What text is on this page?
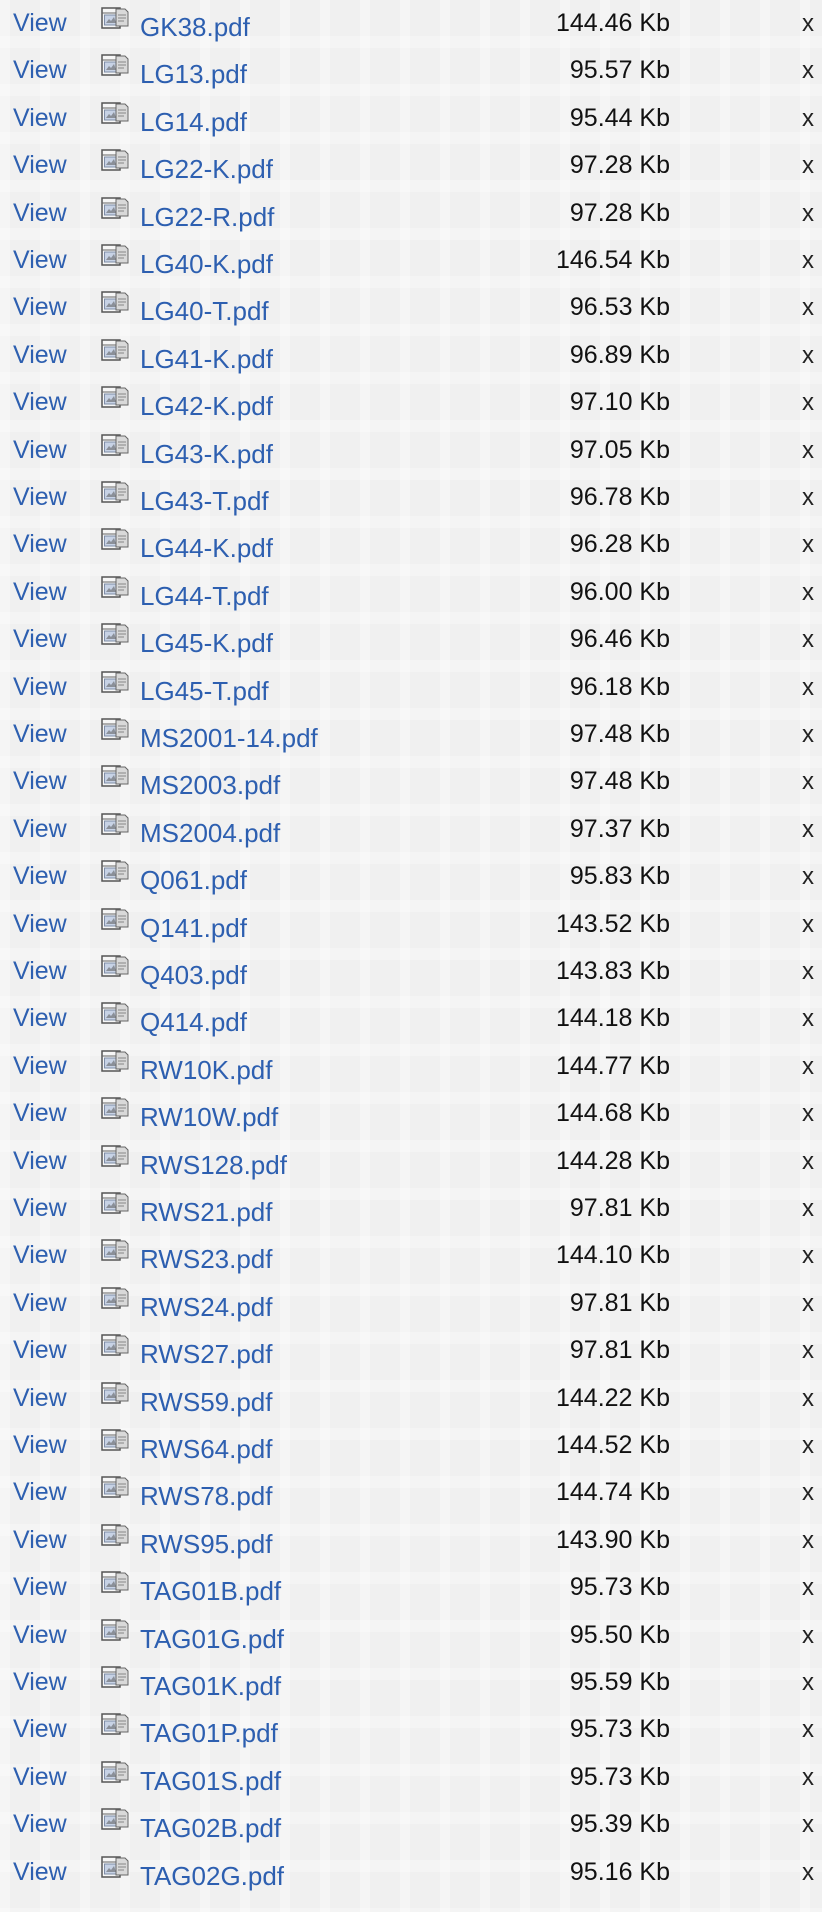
View	GK38.pdf	144.46 Kb	x
View	LG13.pdf	95.57 Kb	x
View	LG14.pdf	95.44 Kb	x
View	LG22-K.pdf	97.28 Kb	x
View	LG22-R.pdf	97.28 Kb	x
View	LG40-K.pdf	146.54 Kb	x
View	LG40-T.pdf	96.53 Kb	x
View	LG41-K.pdf	96.89 Kb	x
View	LG42-K.pdf	97.10 Kb	x
View	LG43-K.pdf	97.05 Kb	x
View	LG43-T.pdf	96.78 Kb	x
View	LG44-K.pdf	96.28 Kb	x
View	LG44-T.pdf	96.00 Kb	x
View	LG45-K.pdf	96.46 Kb	x
View	LG45-T.pdf	96.18 Kb	x
View	MS2001-14.pdf	97.48 Kb	x
View	MS2003.pdf	97.48 Kb	x
View	MS2004.pdf	97.37 Kb	x
View	Q061.pdf	95.83 Kb	x
View	Q141.pdf	143.52 Kb	x
View	Q403.pdf	143.83 Kb	x
View	Q414.pdf	144.18 Kb	x
View	RW10K.pdf	144.77 Kb	x
View	RW10W.pdf	144.68 Kb	x
View	RWS128.pdf	144.28 Kb	x
View	RWS21.pdf	97.81 Kb	x
View	RWS23.pdf	144.10 Kb	x
View	RWS24.pdf	97.81 Kb	x
View	RWS27.pdf	97.81 Kb	x
View	RWS59.pdf	144.22 Kb	x
View	RWS64.pdf	144.52 Kb	x
View	RWS78.pdf	144.74 Kb	x
View	RWS95.pdf	143.90 Kb	x
View	TAG01B.pdf	95.73 Kb	x
View	TAG01G.pdf	95.50 Kb	x
View	TAG01K.pdf	95.59 Kb	x
View	TAG01P.pdf	95.73 Kb	x
View	TAG01S.pdf	95.73 Kb	x
View	TAG02B.pdf	95.39 Kb	x
View	TAG02G.pdf	95.16 Kb	x
